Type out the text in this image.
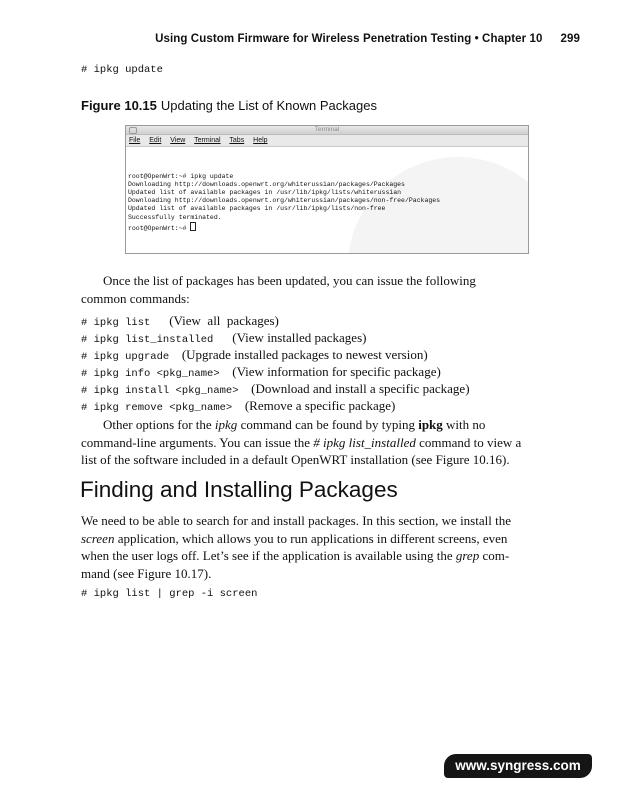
Using Custom Firmware for Wireless Penetration Testing • Chapter 10 299
# ipkg update
Figure 10.15 Updating the List of Known Packages
Terminal
File Edit View Terminal Tabs Help

root@OpenWrt:~# ipkg update
Downloading http://downloads.openwrt.org/whiterussian/packages/Packages
Updated list of available packages in /usr/lib/ipkg/lists/whiterussian
Downloading http://downloads.openwrt.org/whiterussian/packages/non-free/Packages
Updated list of available packages in /usr/lib/ipkg/lists/non-free
Successfully terminated.
root@OpenWrt:~#

Once the list of packages has been updated, you can issue the following
common commands:
# ipkg list (View  all  packages)
# ipkg list_installed (View installed packages)
# ipkg upgrade (Upgrade installed packages to newest version)
# ipkg info <pkg_name> (View information for specific package)
# ipkg install <pkg_name> (Download and install a specific package)
# ipkg remove <pkg_name> (Remove a specific package)
Other options for the ipkg command can be found by typing ipkg with no
command-line arguments. You can issue the # ipkg list_installed command to view a
list of the software included in a default OpenWRT installation (see Figure 10.16).
Finding and Installing Packages
We need to be able to search for and install packages. In this section, we install the
screen application, which allows you to run applications in different screens, even
when the user logs off. Let’s see if the application is available using the grep com-
mand (see Figure 10.17).
# ipkg list | grep -i screen
www.syngress.com
